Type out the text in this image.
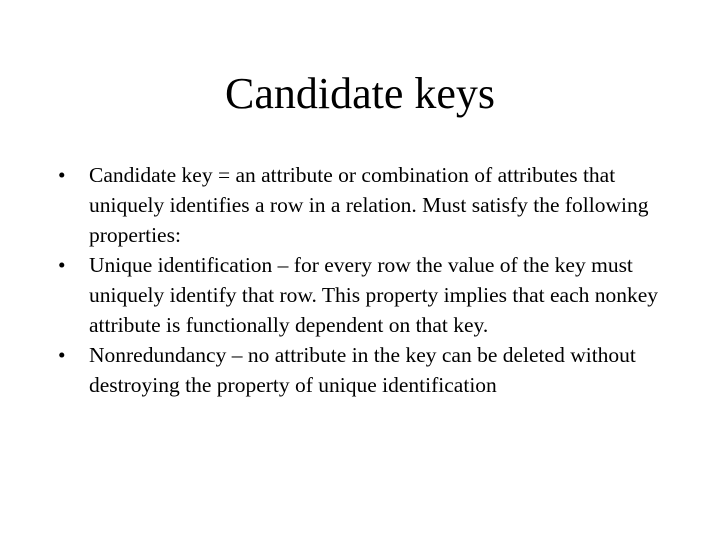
Candidate keys
•	Candidate key = an attribute or combination of attributes that uniquely identifies a row in a relation. Must satisfy the following properties:
•	Unique identification – for every row the value of the key must uniquely identify that row. This property implies that each nonkey attribute is functionally dependent on that key.
•	Nonredundancy – no attribute in the key can be deleted without destroying the property of unique identification
